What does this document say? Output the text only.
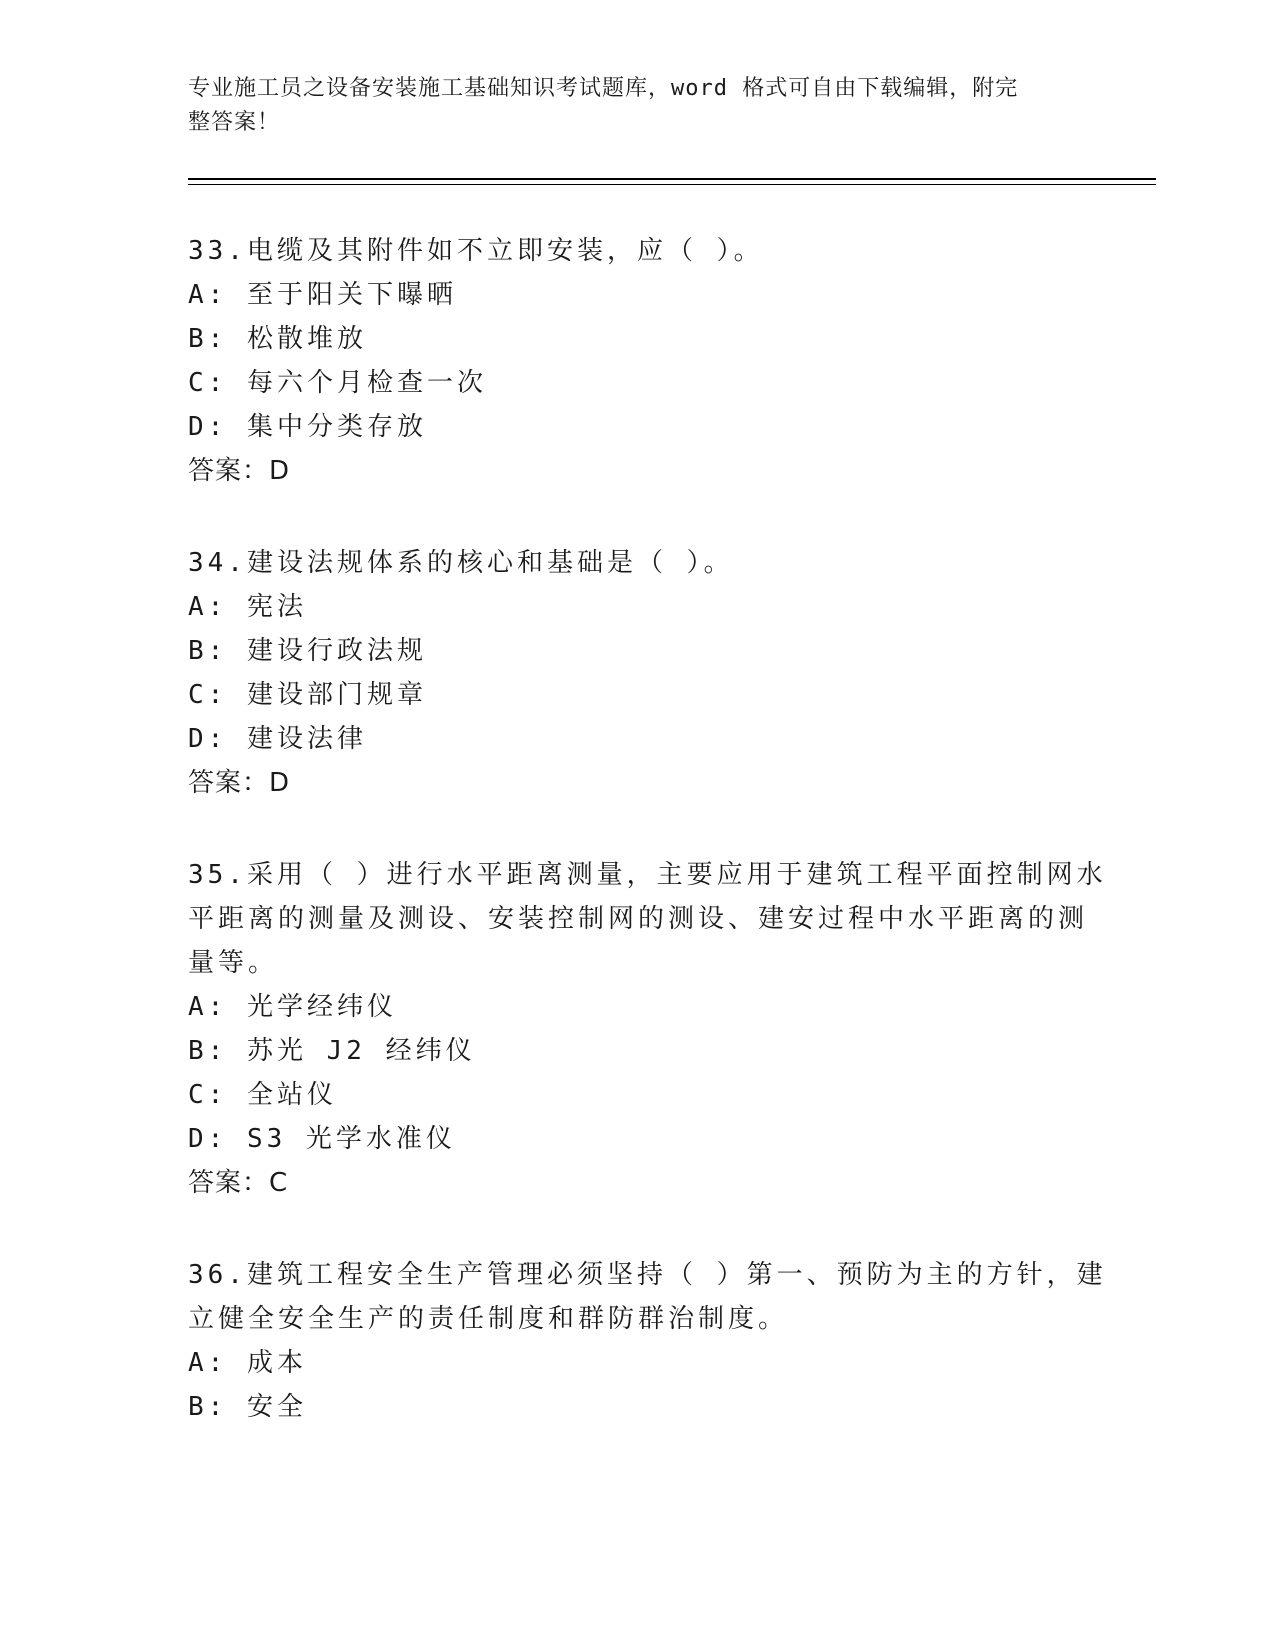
专业施工员之设备安装施工基础知识考试题库，word 格式可自由下载编辑，附完
整答案！
33.电缆及其附件如不立即安装，应（ ）。
A: 至于阳关下曝晒
B: 松散堆放
C: 每六个月检查一次
D: 集中分类存放
答案：D
34.建设法规体系的核心和基础是（ ）。
A: 宪法
B: 建设行政法规
C: 建设部门规章
D: 建设法律
答案：D
35.采用（ ）进行水平距离测量，主要应用于建筑工程平面控制网水
平距离的测量及测设、安装控制网的测设、建安过程中水平距离的测
量等。
A: 光学经纬仪
B: 苏光 J2 经纬仪
C: 全站仪
D: S3 光学水准仪
答案：C
36.建筑工程安全生产管理必须坚持（ ）第一、预防为主的方针，建
立健全安全生产的责任制度和群防群治制度。
A: 成本
B: 安全
